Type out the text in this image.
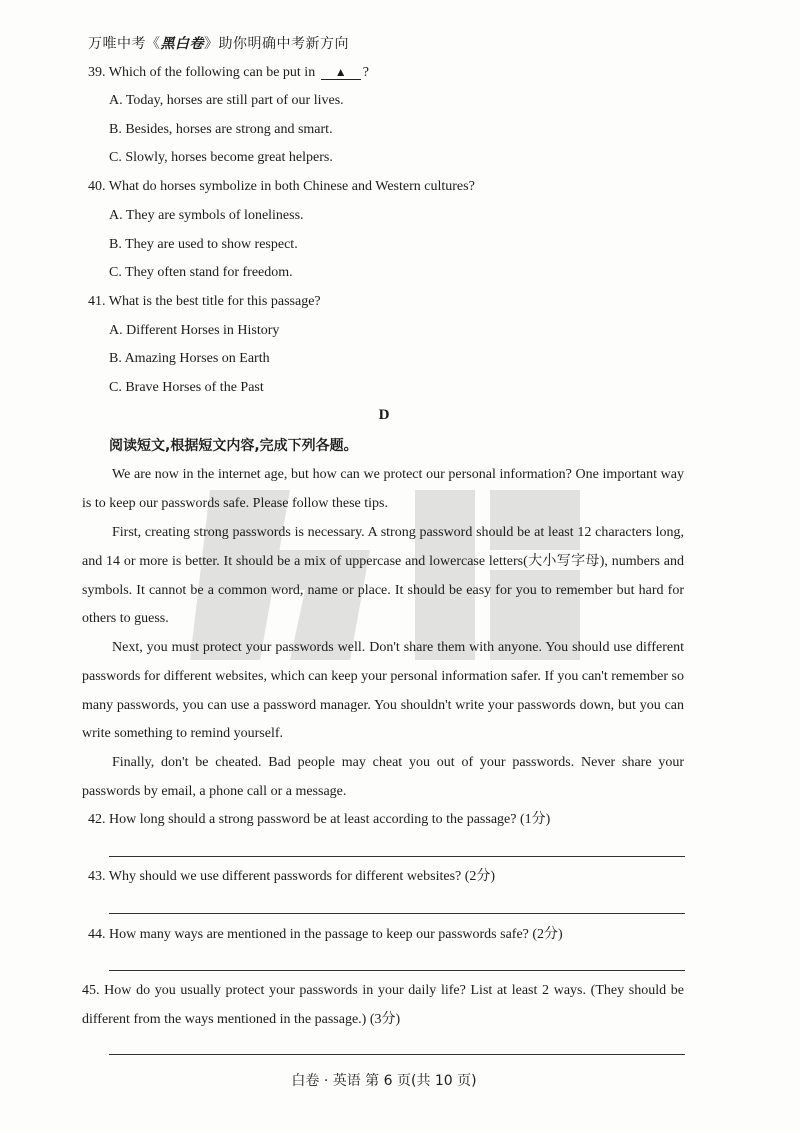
万唯中考《黑白卷》助你明确中考新方向
39. Which of the following can be put in ▲ ?
A. Today, horses are still part of our lives.
B. Besides, horses are strong and smart.
C. Slowly, horses become great helpers.
40. What do horses symbolize in both Chinese and Western cultures?
A. They are symbols of loneliness.
B. They are used to show respect.
C. They often stand for freedom.
41. What is the best title for this passage?
A. Different Horses in History
B. Amazing Horses on Earth
C. Brave Horses of the Past
D
阅读短文,根据短文内容,完成下列各题。

We are now in the internet age, but how can we protect our personal information? One important way is to keep our passwords safe. Please follow these tips.

First, creating strong passwords is necessary. A strong password should be at least 12 characters long, and 14 or more is better. It should be a mix of uppercase and lowercase letters(大小写字母), numbers and symbols. It cannot be a common word, name or place. It should be easy for you to remember but hard for others to guess.

Next, you must protect your passwords well. Don't share them with anyone. You should use different passwords for different websites, which can keep your personal information safer. If you can't remember so many passwords, you can use a password manager. You shouldn't write your passwords down, but you can write something to remind yourself.

Finally, don't be cheated. Bad people may cheat you out of your passwords. Never share your passwords by email, a phone call or a message.

42. How long should a strong password be at least according to the passage? (1分)
43. Why should we use different passwords for different websites? (2分)
44. How many ways are mentioned in the passage to keep our passwords safe? (2分)

45. How do you usually protect your passwords in your daily life? List at least 2 ways. (They should be different from the ways mentioned in the passage.) (3分)

白卷 · 英语 第 6 页(共 10 页)
